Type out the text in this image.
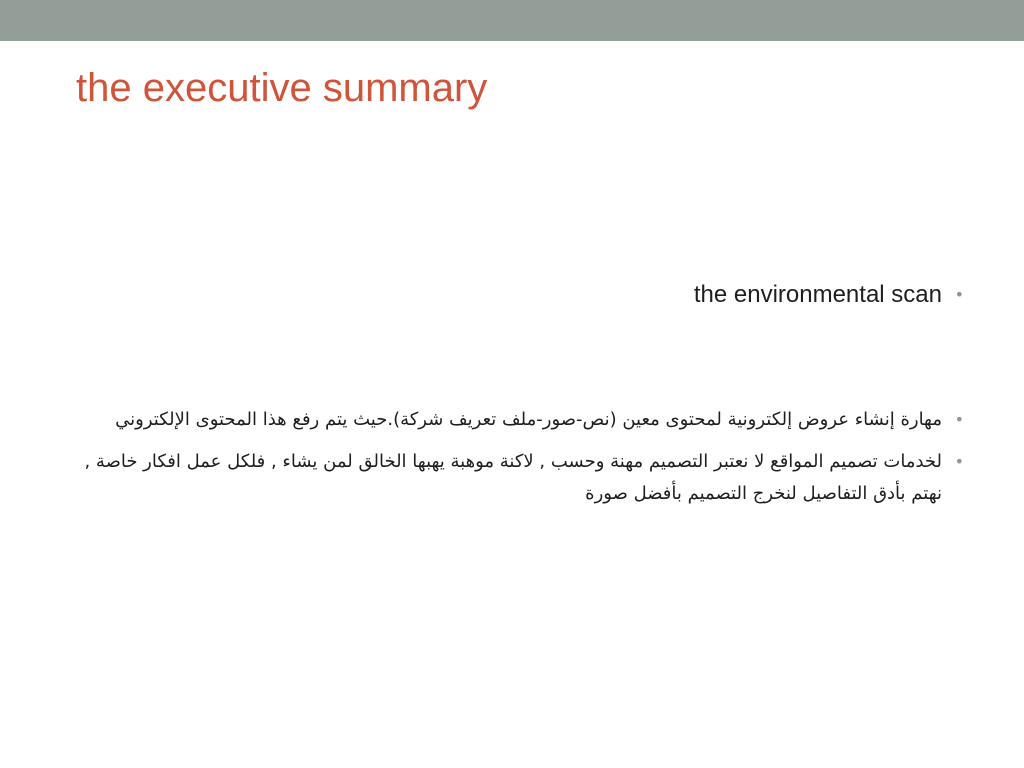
the executive summary
•
the environmental scan
•
مهارة إنشاء عروض إلكترونية لمحتوى معين (نص-صور-ملف تعريف شركة).حيث يتم رفع هذا المحتوى الإلكتروني
•
لخدمات تصميم المواقع لا نعتبر التصميم مهنة وحسب , لاكنة موهبة يهبها الخالق لمن يشاء , فلكل عمل افكار خاصة , نهتم بأدق التفاصيل لنخرج التصميم بأفضل صورة
